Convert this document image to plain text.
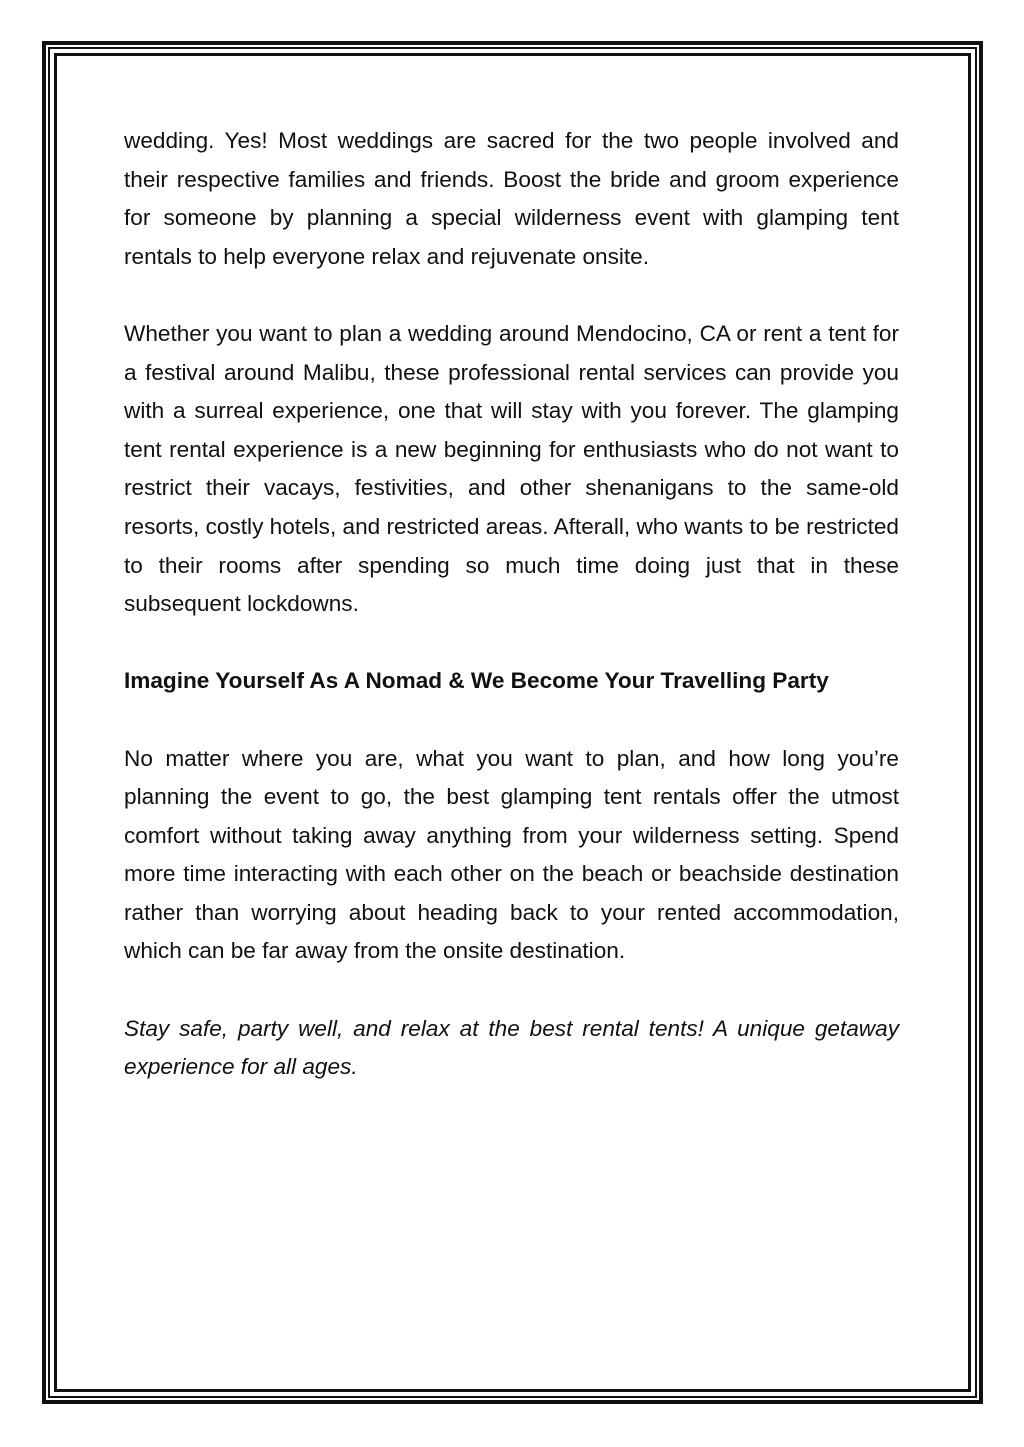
wedding. Yes! Most weddings are sacred for the two people involved and their respective families and friends. Boost the bride and groom experience for someone by planning a special wilderness event with glamping tent rentals to help everyone relax and rejuvenate onsite.

Whether you want to plan a wedding around Mendocino, CA or rent a tent for a festival around Malibu, these professional rental services can provide you with a surreal experience, one that will stay with you forever. The glamping tent rental experience is a new beginning for enthusiasts who do not want to restrict their vacays, festivities, and other shenanigans to the same-old resorts, costly hotels, and restricted areas. Afterall, who wants to be restricted to their rooms after spending so much time doing just that in these subsequent lockdowns.

Imagine Yourself As A Nomad & We Become Your Travelling Party

No matter where you are, what you want to plan, and how long you’re planning the event to go, the best glamping tent rentals offer the utmost comfort without taking away anything from your wilderness setting. Spend more time interacting with each other on the beach or beachside destination rather than worrying about heading back to your rented accommodation, which can be far away from the onsite destination.

Stay safe, party well, and relax at the best rental tents! A unique getaway experience for all ages.
